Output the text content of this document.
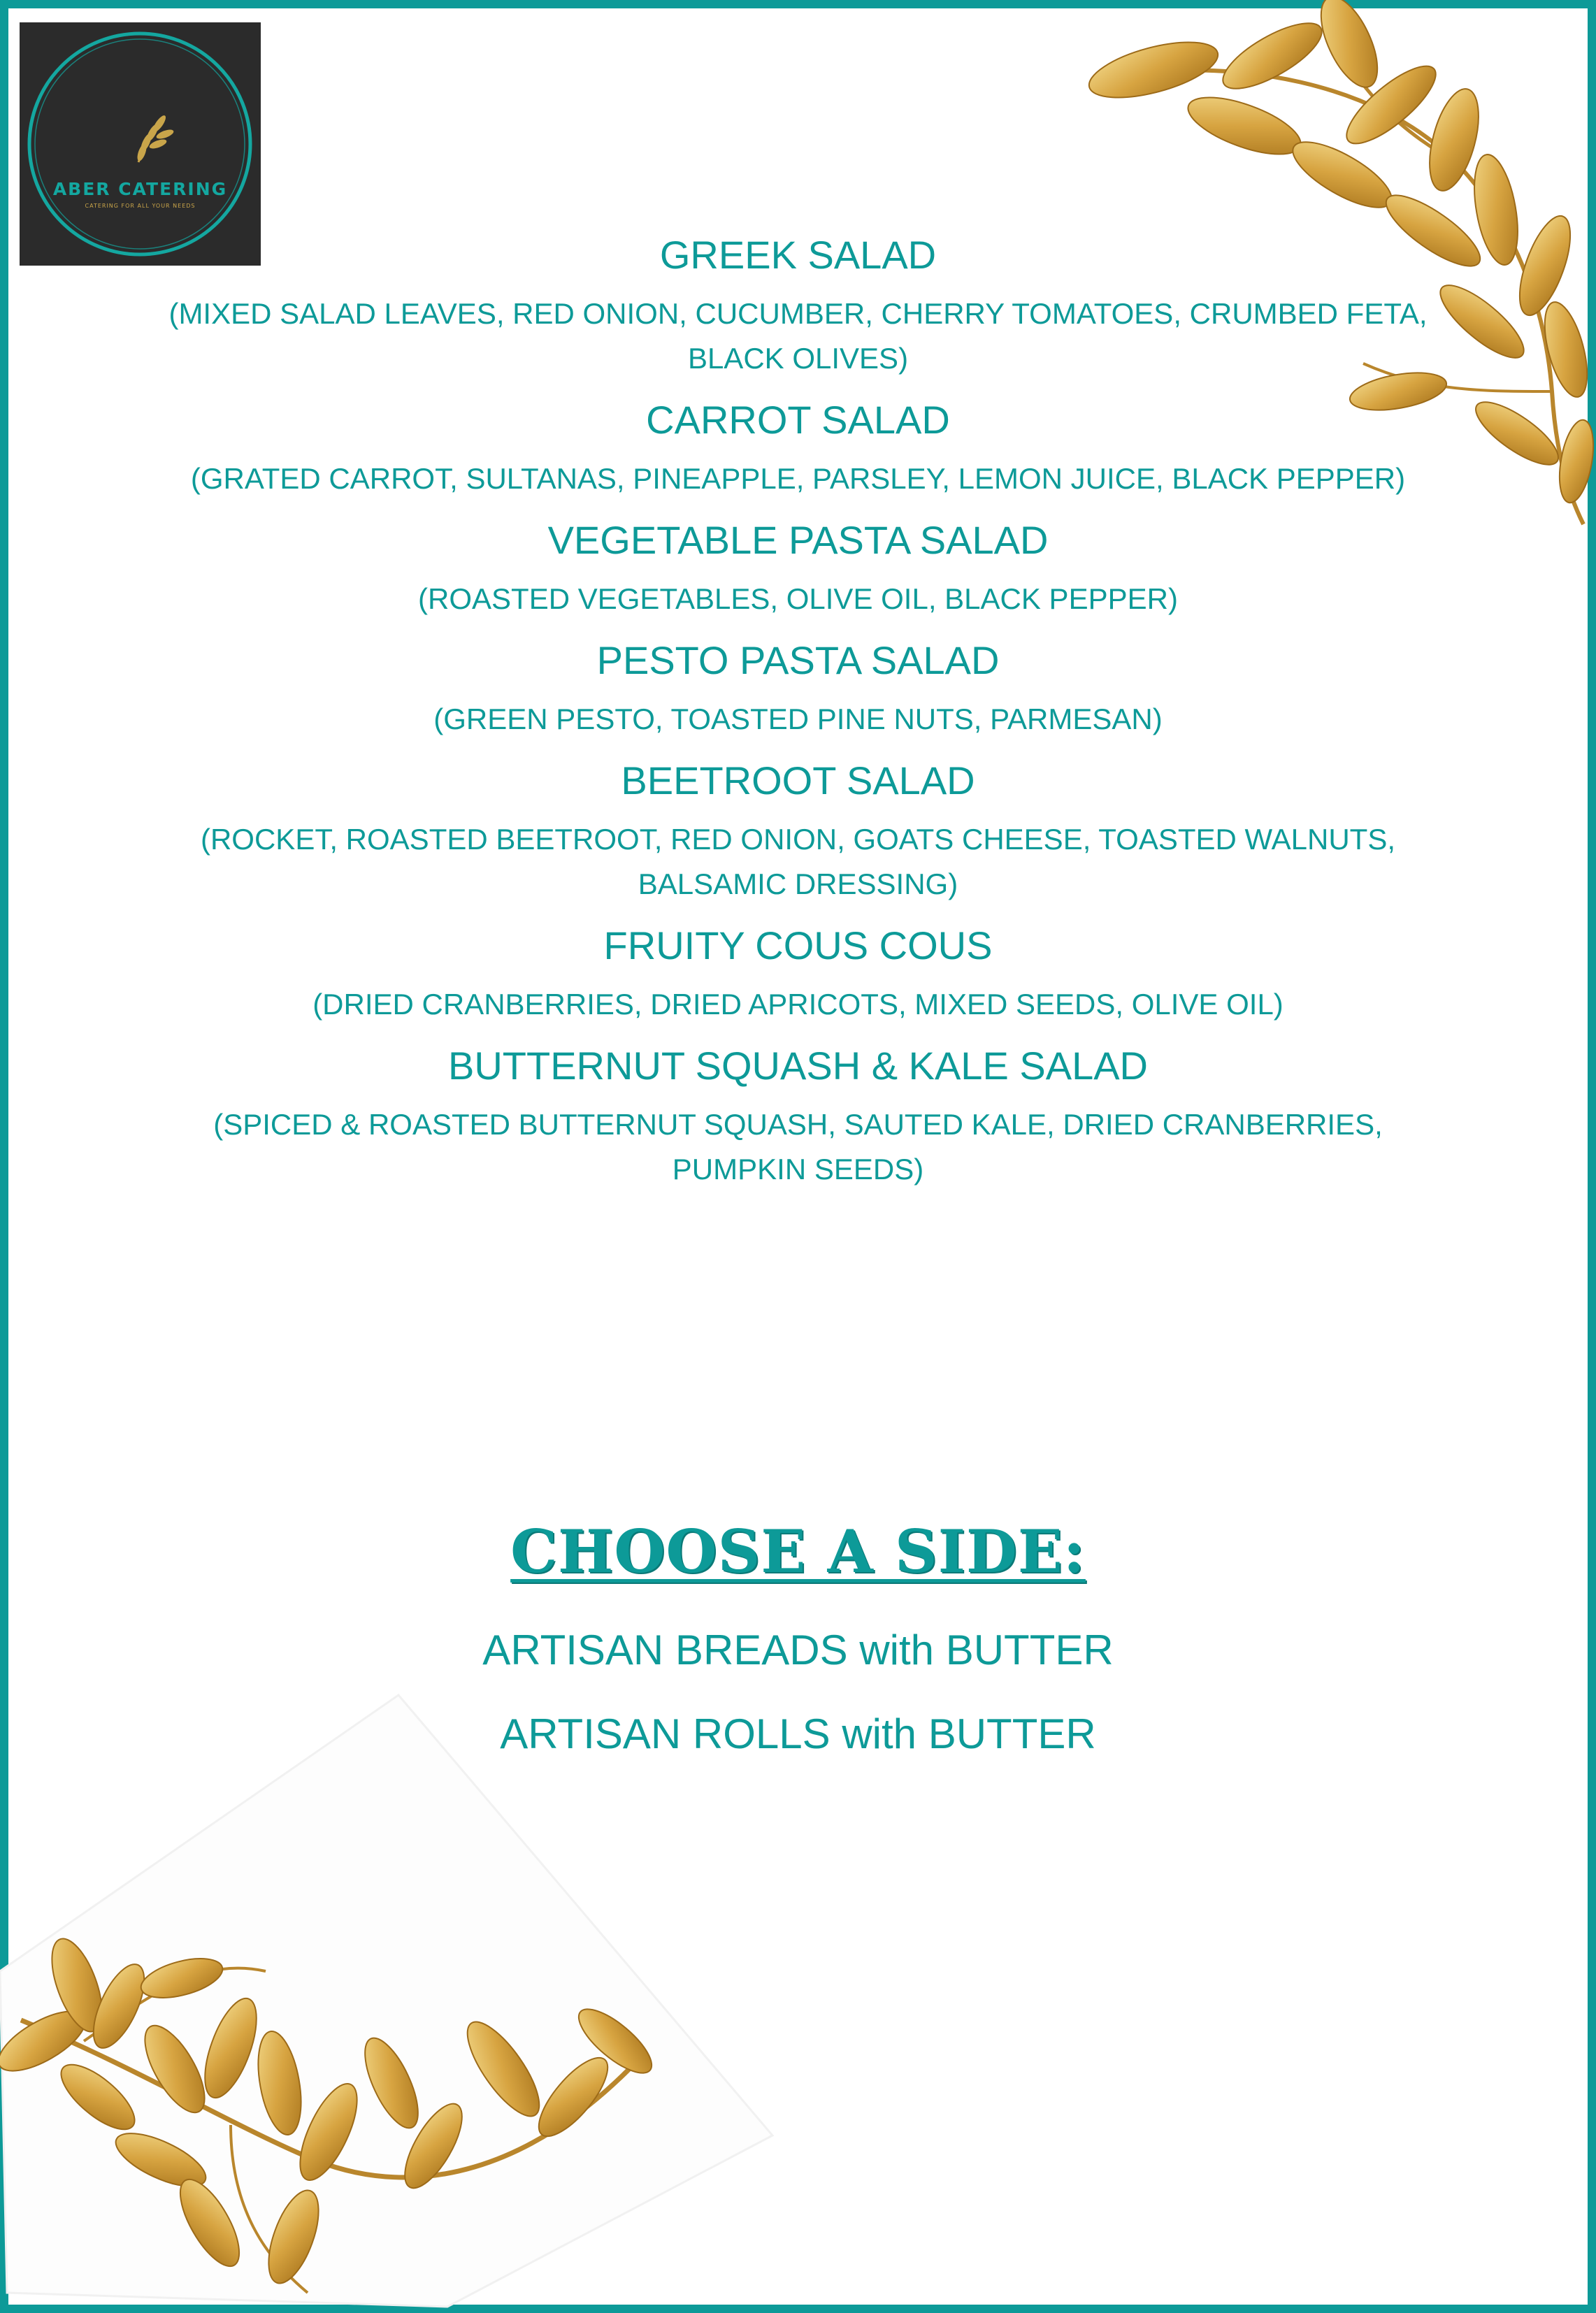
ABER CATERING
CATERING FOR ALL YOUR NEEDS
GREEK SALAD

(MIXED SALAD LEAVES, RED ONION, CUCUMBER, CHERRY TOMATOES, CRUMBED FETA, BLACK OLIVES)

CARROT SALAD

(GRATED CARROT, SULTANAS, PINEAPPLE, PARSLEY, LEMON JUICE, BLACK PEPPER)

VEGETABLE PASTA SALAD

(ROASTED VEGETABLES, OLIVE OIL, BLACK PEPPER)

PESTO PASTA SALAD

(GREEN PESTO, TOASTED PINE NUTS, PARMESAN)

BEETROOT SALAD

(ROCKET, ROASTED BEETROOT, RED ONION, GOATS CHEESE, TOASTED WALNUTS, BALSAMIC DRESSING)

FRUITY COUS COUS

(DRIED CRANBERRIES, DRIED APRICOTS, MIXED SEEDS, OLIVE OIL)

BUTTERNUT SQUASH & KALE SALAD

(SPICED & ROASTED BUTTERNUT SQUASH, SAUTED KALE, DRIED CRANBERRIES, PUMPKIN SEEDS)

CHOOSE A SIDE:
ARTISAN BREADS with BUTTER
ARTISAN ROLLS with BUTTER
